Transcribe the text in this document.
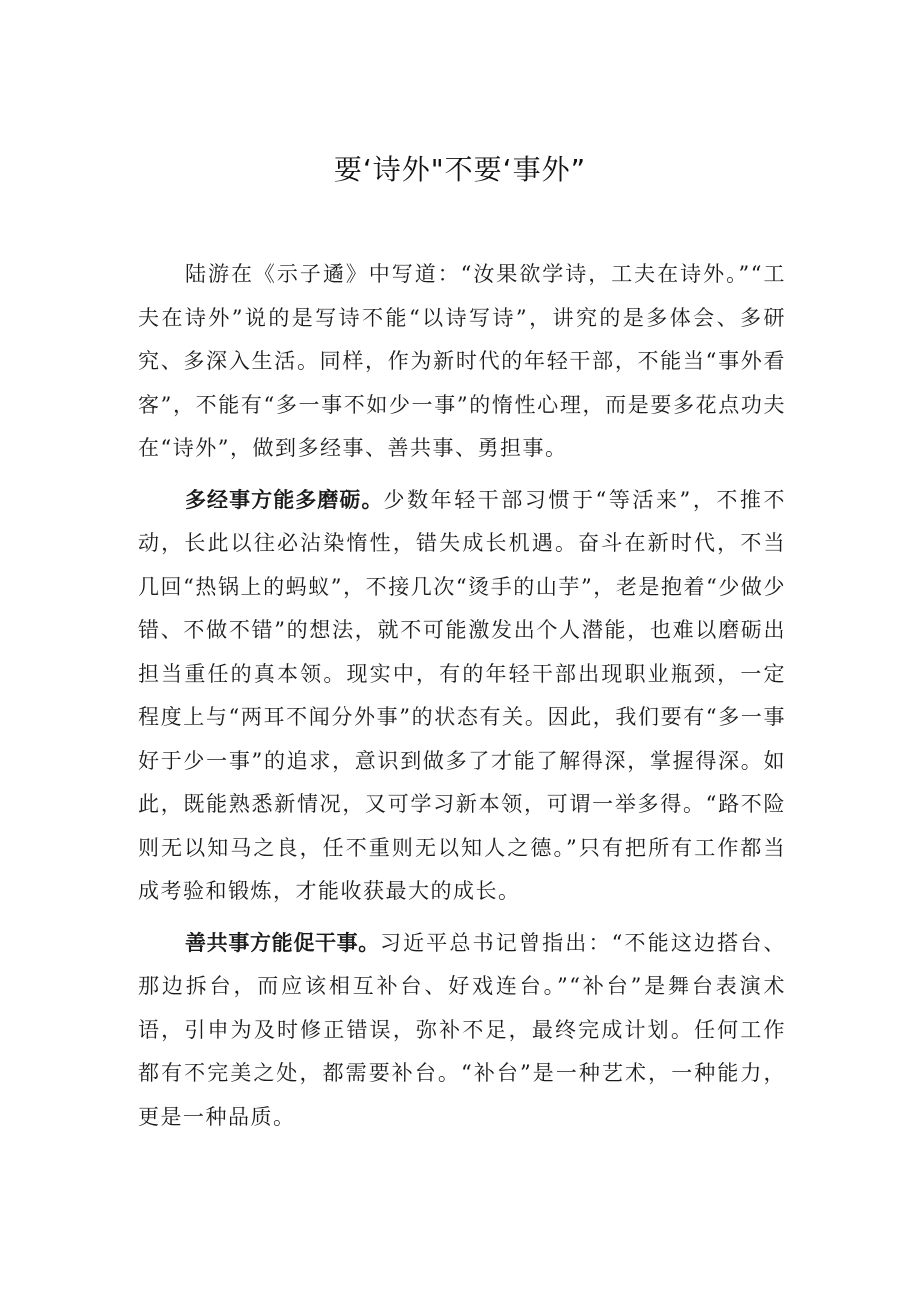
要‘诗外"不要‘事外”

陆游在《示子遹》中写道：“汝果欲学诗，工夫在诗外。”“工夫在诗外”说的是写诗不能“以诗写诗”，讲究的是多体会、多研究、多深入生活。同样，作为新时代的年轻干部，不能当“事外看客”，不能有“多一事不如少一事”的惰性心理，而是要多花点功夫在“诗外”，做到多经事、善共事、勇担事。

多经事方能多磨砺。少数年轻干部习惯于“等活来”，不推不动，长此以往必沾染惰性，错失成长机遇。奋斗在新时代，不当几回“热锅上的蚂蚁”，不接几次“烫手的山芋”，老是抱着“少做少错、不做不错”的想法，就不可能激发出个人潜能，也难以磨砺出担当重任的真本领。现实中，有的年轻干部出现职业瓶颈，一定程度上与“两耳不闻分外事”的状态有关。因此，我们要有“多一事好于少一事”的追求，意识到做多了才能了解得深，掌握得深。如此，既能熟悉新情况，又可学习新本领，可谓一举多得。“路不险则无以知马之良，任不重则无以知人之德。”只有把所有工作都当成考验和锻炼，才能收获最大的成长。

善共事方能促干事。习近平总书记曾指出：“不能这边搭台、那边拆台，而应该相互补台、好戏连台。”“补台”是舞台表演术语，引申为及时修正错误，弥补不足，最终完成计划。任何工作都有不完美之处，都需要补台。“补台”是一种艺术，一种能力，更是一种品质。
